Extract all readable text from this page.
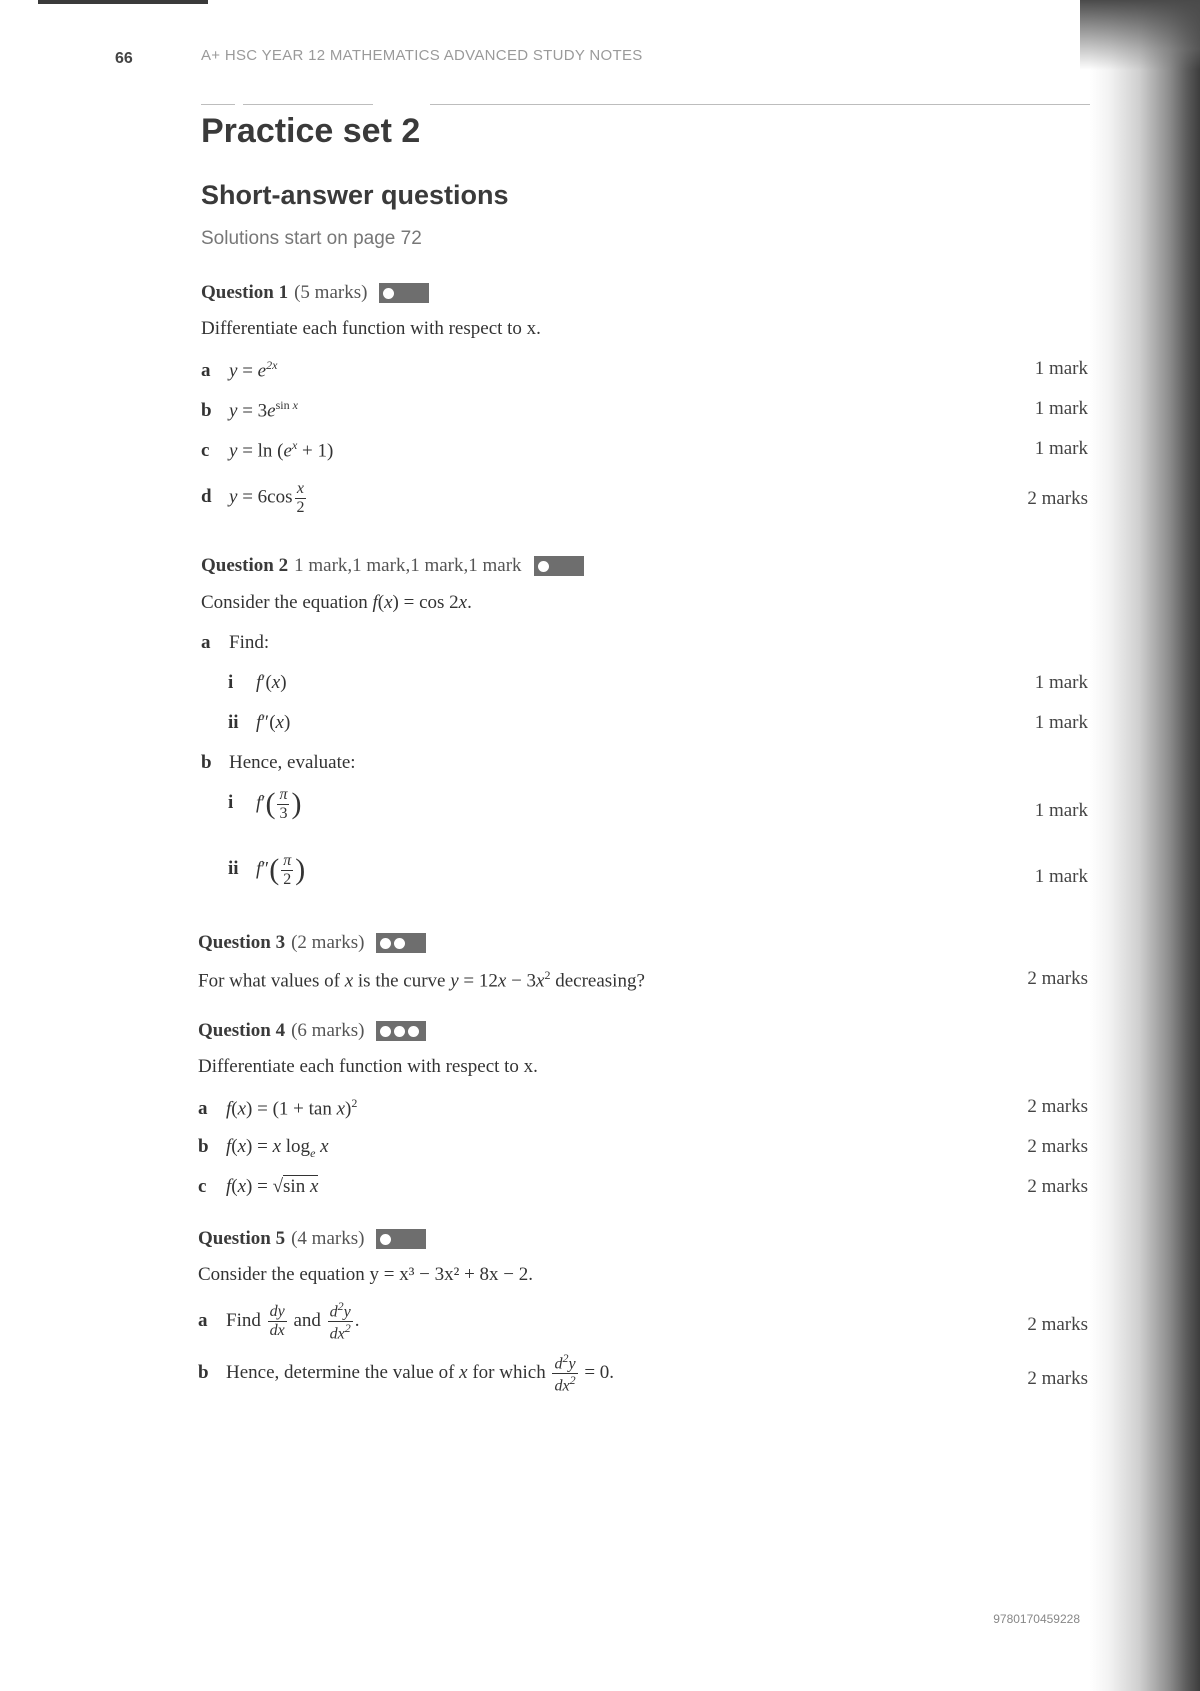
66	A+ HSC YEAR 12 MATHEMATICS ADVANCED STUDY NOTES
Practice set 2
Short-answer questions
Solutions start on page 72
Question 1 (5 marks)
Differentiate each function with respect to x.
a $y = e^{2x}$	1 mark
b $y = 3e^{sin x}$	1 mark
c $y = \ln (e^x + 1)$	1 mark
d $y = 6\cos \frac{x}{2}$	2 marks
Question 2 1 mark,1 mark,1 mark,1 mark
Consider the equation f(x) = cos 2x.
a Find:
i f′(x)	1 mark
ii f″(x)	1 mark
b Hence, evaluate:
i $f'( \frac{\pi}{3}$ )	1 mark
ii $f''( \frac{\pi}{2}$ )	1 mark
Question 3 (2 marks)
For what values of x is the curve $y = 12x - 3x^2$ decreasing?	2 marks
Question 4 (6 marks)
Differentiate each function with respect to x.
a $f(x) = (1 + \tan x)^2$	2 marks
b f(x) = x $\log_e x$	2 marks
c f(x) = √sin x	2 marks
Question 5 (4 marks)
Consider the equation y = x³ − 3x² + 8x − 2.
a Find $\frac{dy}{dx}$ and $\frac{d^2y}{dx^2}$ .	2 marks
b Hence, determine the value of x for which $\frac{d^2y}{dx^2} = 0$.	2 marks
9780170459228
